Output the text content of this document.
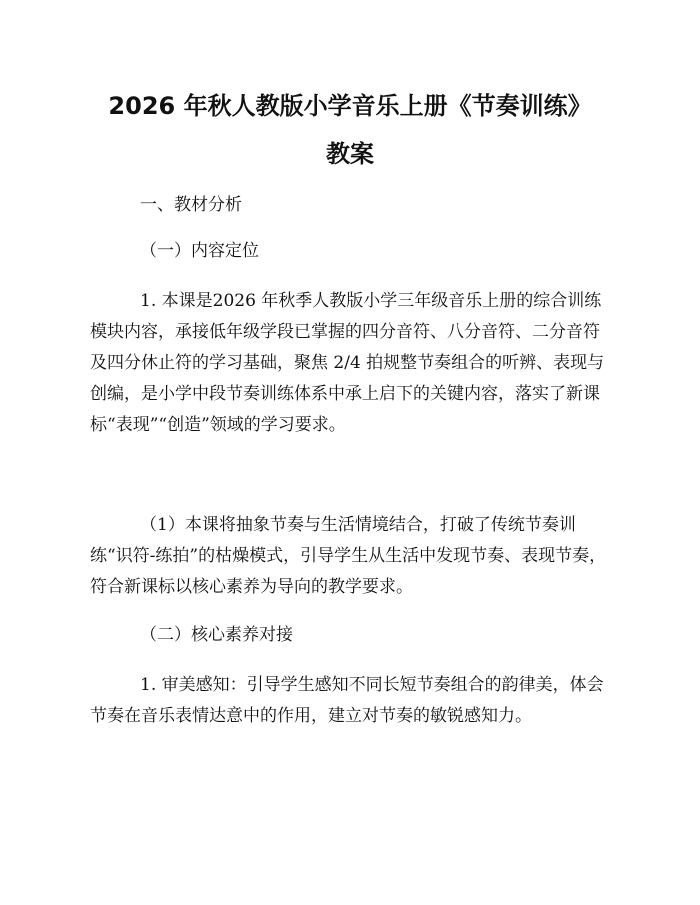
2026 年秋人教版小学音乐上册《节奏训练》
教案

一、教材分析

（一）内容定位

1. 本课是2026 年秋季人教版小学三年级音乐上册的综合训练模块内容，承接低年级学段已掌握的四分音符、八分音符、二分音符及四分休止符的学习基础，聚焦 2/4 拍规整节奏组合的听辨、表现与创编，是小学中段节奏训练体系中承上启下的关键内容，落实了新课标“表现”“创造”领域的学习要求。

（1）本课将抽象节奏与生活情境结合，打破了传统节奏训练“识符-练拍”的枯燥模式，引导学生从生活中发现节奏、表现节奏，符合新课标以核心素养为导向的教学要求。

（二）核心素养对接

1. 审美感知：引导学生感知不同长短节奏组合的韵律美，体会节奏在音乐表情达意中的作用，建立对节奏的敏锐感知力。
